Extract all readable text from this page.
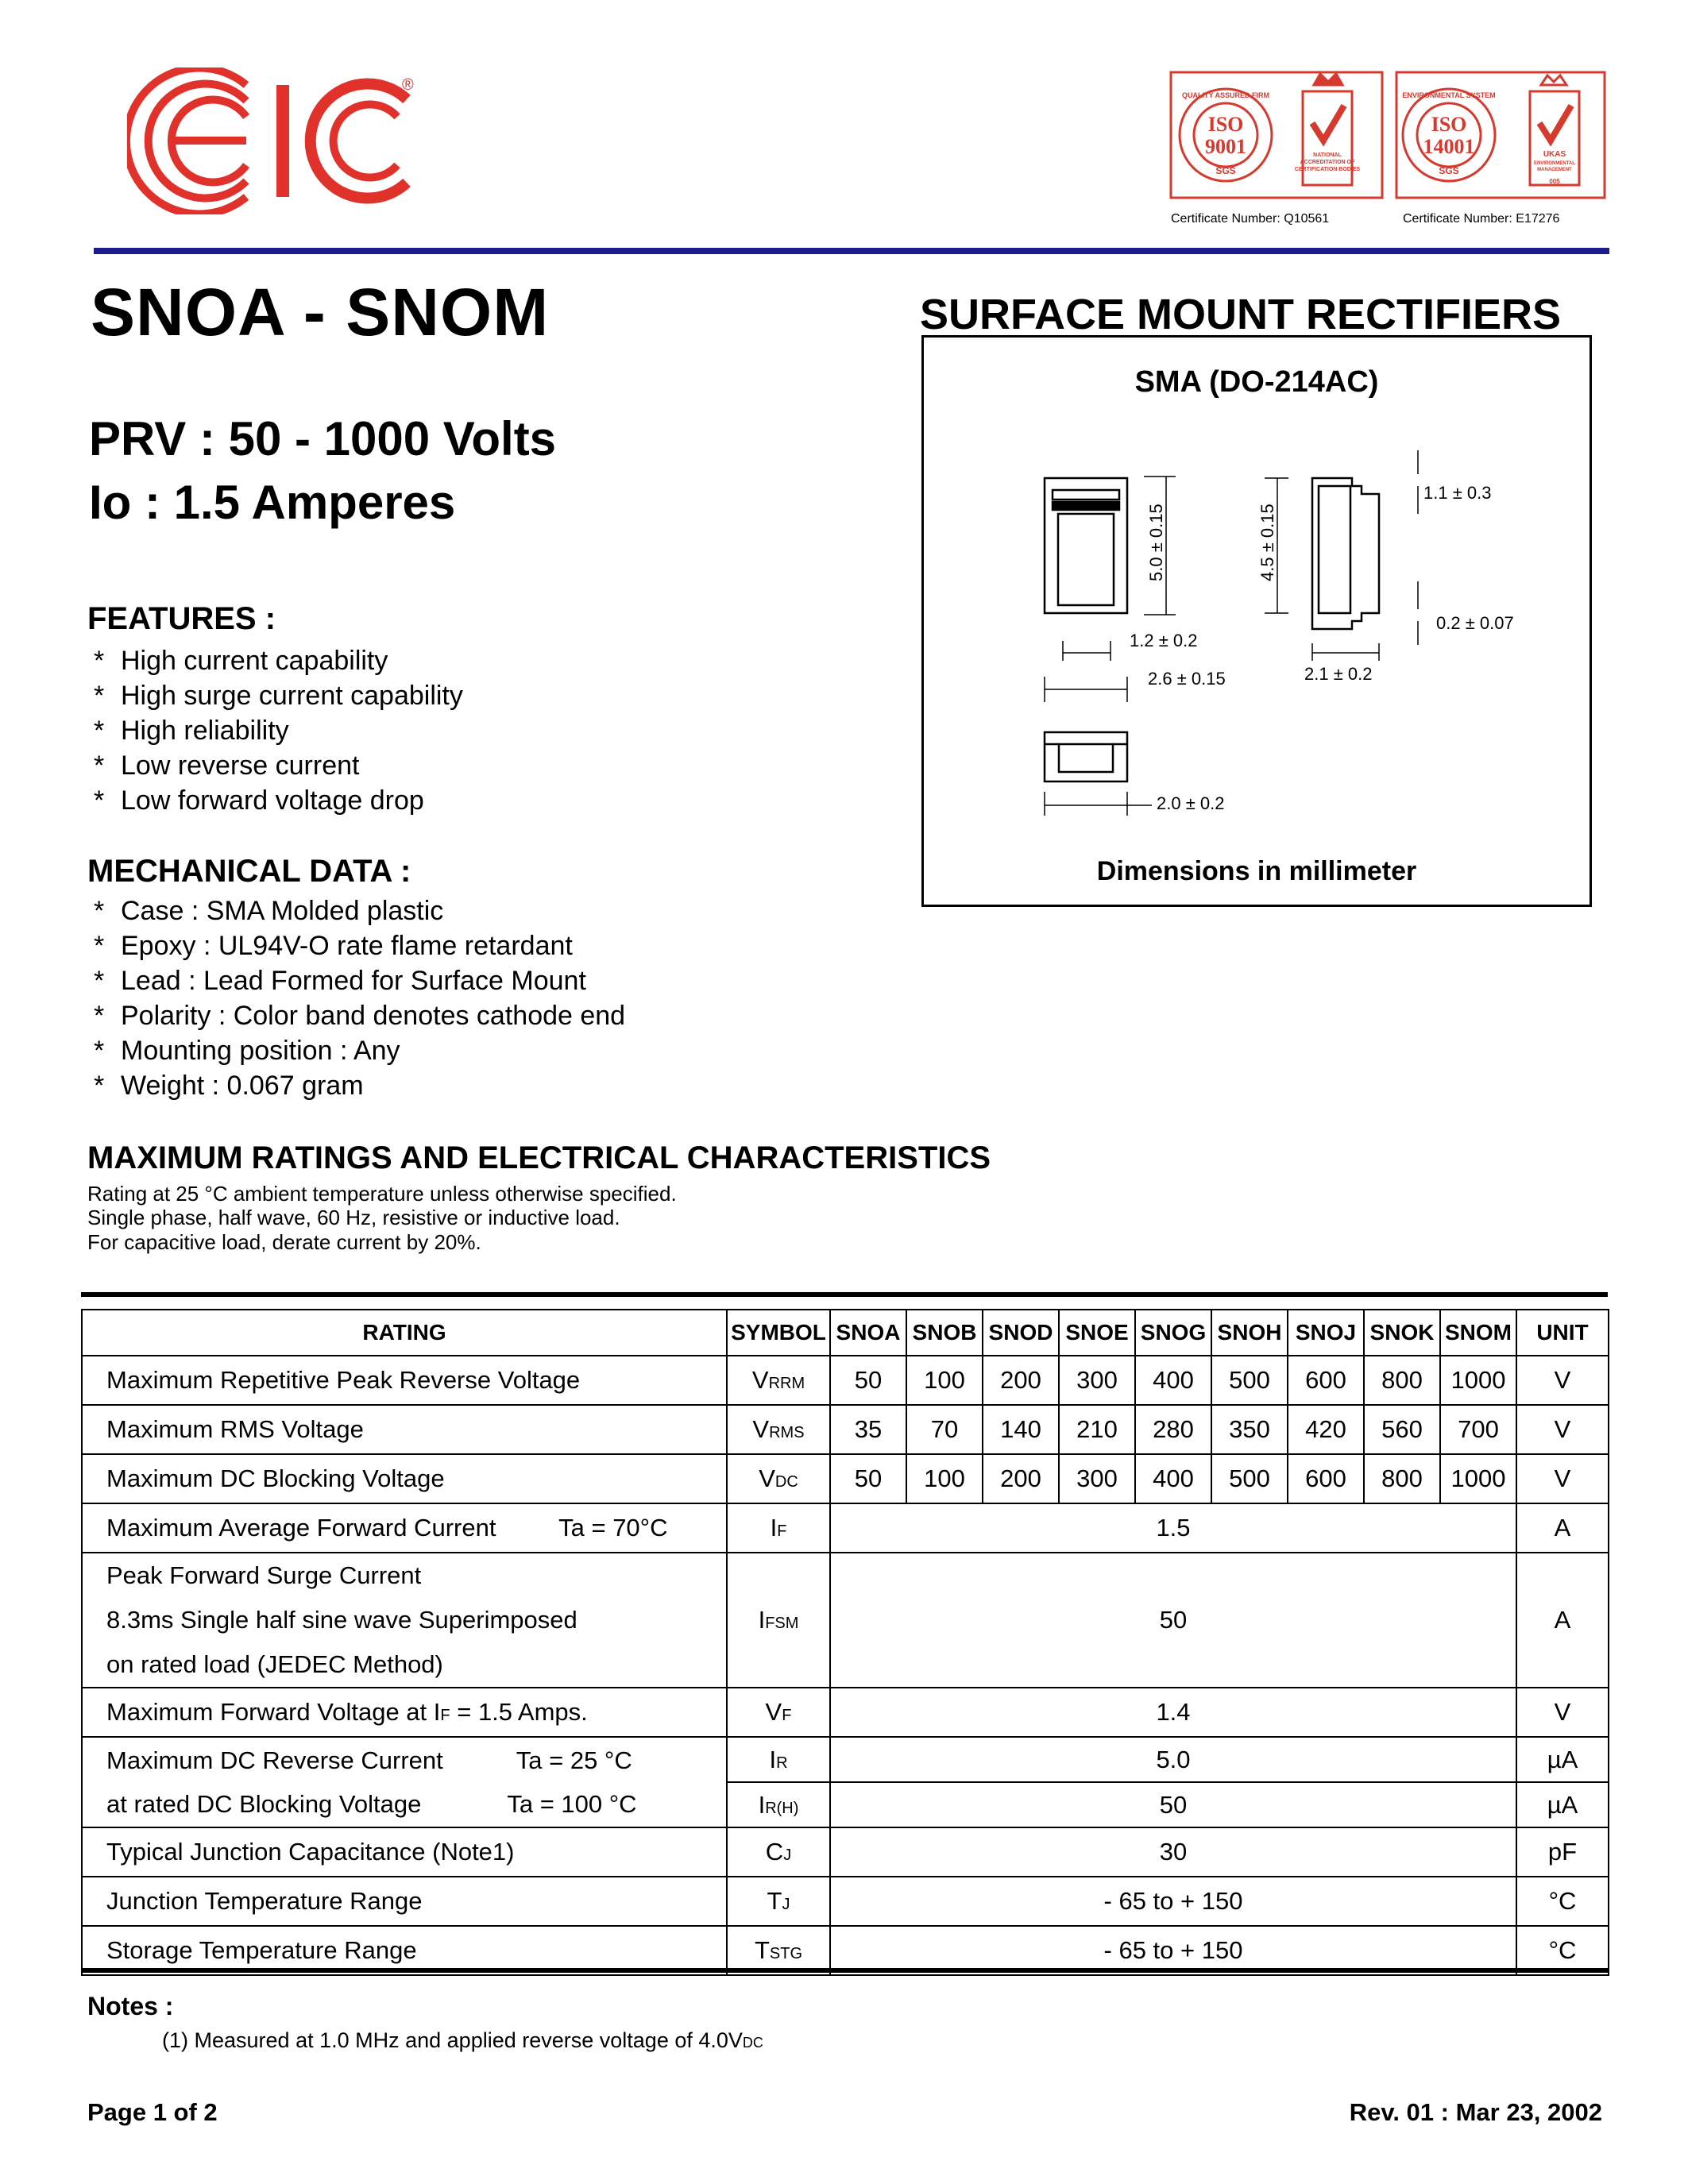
®
ISO
9001
SGS
ISO
14001
SGS
QUALITY ASSURED FIRM	ENVIRONMENTAL SYSTEM
NATIONAL
ACCREDITATION OF
CERTIFICATION BODIES
UKAS
ENVIRONMENTAL
MANAGEMENT
005
Certificate Number: Q10561	Certificate Number: E17276
SNOA - SNOM	SURFACE MOUNT RECTIFIERS
PRV : 50 - 1000 Volts
Io : 1.5 Amperes
FEATURES :
* High current capability
* High surge current capability
* High reliability
* Low reverse current
* Low forward voltage drop
MECHANICAL DATA :
* Case : SMA Molded plastic
* Epoxy : UL94V-O rate flame retardant
* Lead : Lead Formed for Surface Mount
* Polarity : Color band denotes cathode end
* Mounting position : Any
* Weight : 0.067 gram
SMA (DO-214AC)
5.0 ± 0.15	4.5 ± 0.15
1.1 ± 0.3
0.2 ± 0.07
1.2 ± 0.2
2.6 ± 0.15	2.1 ± 0.2
2.0 ± 0.2
Dimensions in millimeter
MAXIMUM RATINGS AND ELECTRICAL CHARACTERISTICS
Rating at 25 °C ambient temperature unless otherwise specified.
Single phase, half wave, 60 Hz, resistive or inductive load.
For capacitive load, derate current by 20%.
RATING	SYMBOL	SNOA	SNOB	SNOD	SNOE	SNOG	SNOH	SNOJ	SNOK	SNOM	UNIT
Maximum Repetitive Peak Reverse Voltage	VRRM	50	100	200	300	400	500	600	800	1000	V
Maximum RMS Voltage	VRMS	35	70	140	210	280	350	420	560	700	V
Maximum DC Blocking Voltage	VDC	50	100	200	300	400	500	600	800	1000	V
Maximum Average Forward Current Ta = 70°C	IF	1.5									A

Peak Forward Surge Current
8.3ms Single half sine wave Superimposed
on rated load (JEDEC Method)	IFSM	50									A
Maximum Forward Voltage at IF = 1.5 Amps.	VF	1.4									V

Maximum DC Reverse Current Ta = 25 °C
at rated DC Blocking Voltage Ta = 100 °C	IR	5.0									µA
	IR(H)	50									µA
Typical Junction Capacitance (Note1)	CJ	30									pF
Junction Temperature Range	TJ	- 65 to + 150									°C
Storage Temperature Range	TSTG	- 65 to + 150									°C
Notes :
(1) Measured at 1.0 MHz and applied reverse voltage of 4.0VDC
Page 1 of 2	Rev. 01 : Mar 23, 2002
